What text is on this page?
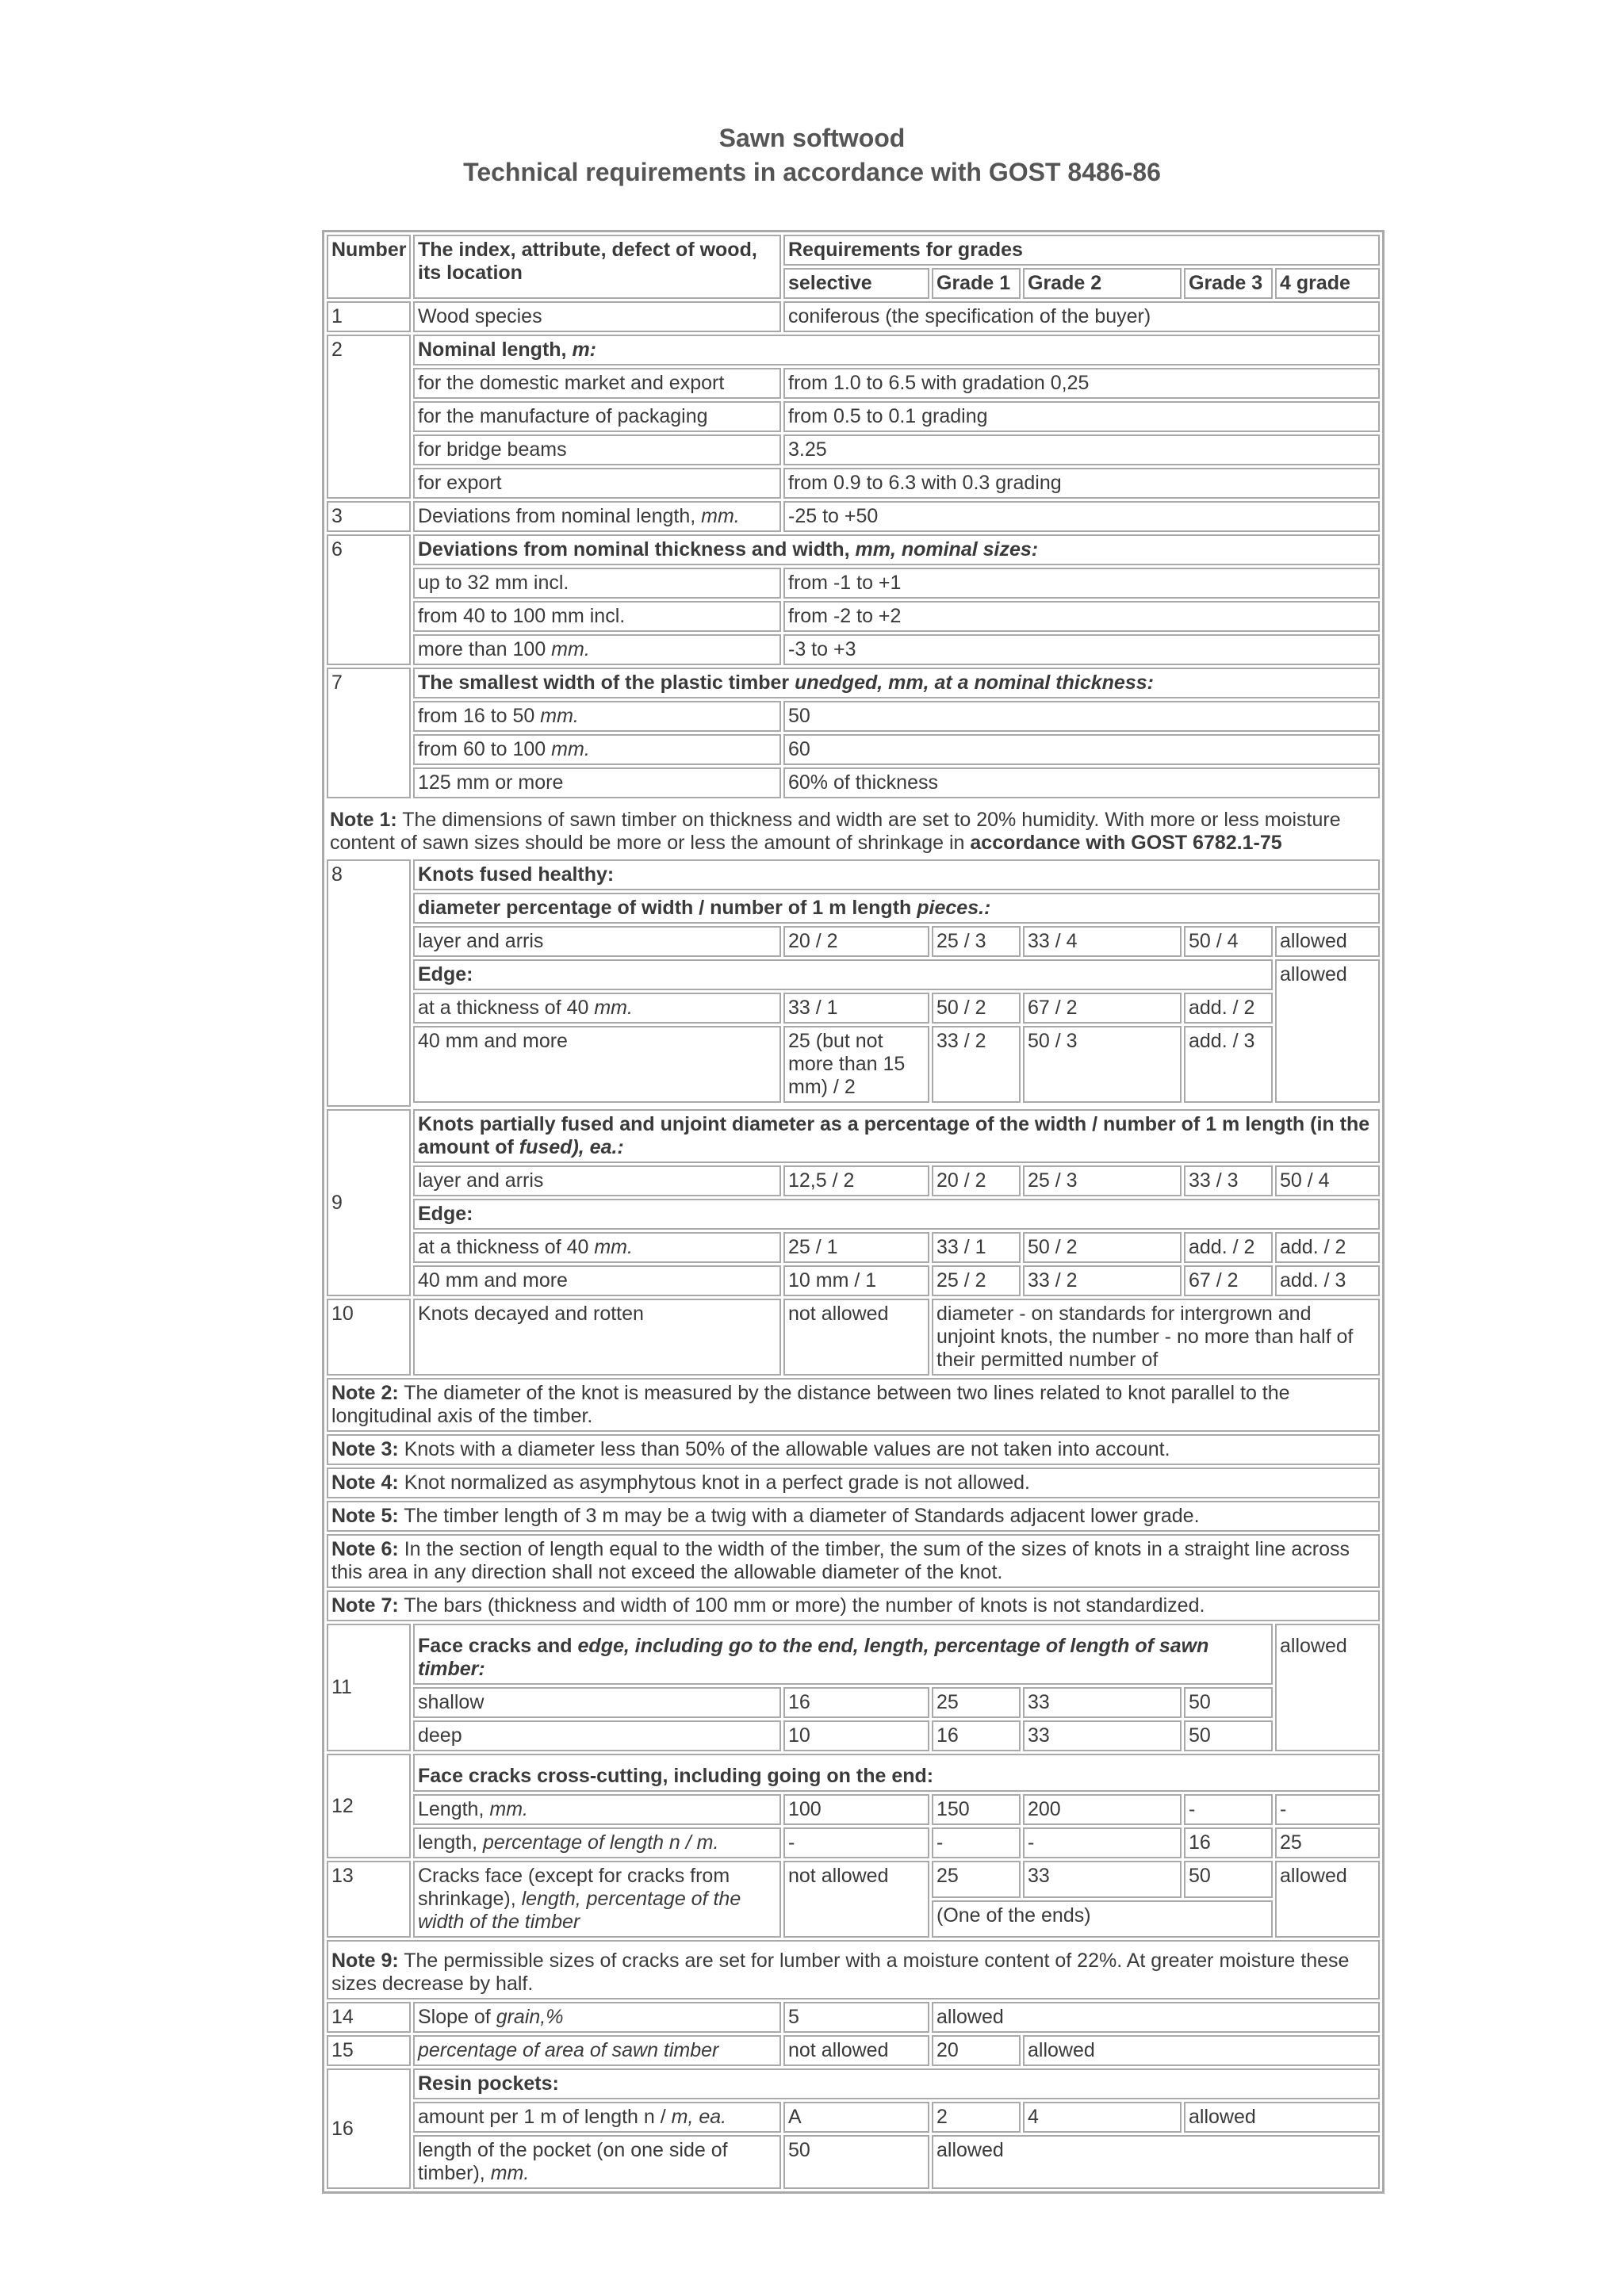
Sawn softwood
Technical requirements in accordance with GOST 8486-86
Number	The index, attribute, defect of wood, its location	Requirements for grades				
		selective	Grade 1	Grade 2	Grade 3	4 grade
1	Wood species	coniferous (the specification of the buyer)				
2	Nominal length, m:					
	for the domestic market and export	from 1.0 to 6.5 with gradation 0,25				
	for the manufacture of packaging	from 0.5 to 0.1 grading				
	for bridge beams	3.25				
	for export	from 0.9 to 6.3 with 0.3 grading				
3	Deviations from nominal length, mm.	-25 to +50				
6	Deviations from nominal thickness and width, mm, nominal sizes:					
	up to 32 mm incl.	from -1 to +1				
	from 40 to 100 mm incl.	from -2 to +2				
	more than 100 mm.	-3 to +3				
7	The smallest width of the plastic timber unedged, mm, at a nominal thickness:					
	from 16 to 50 mm.	50				
	from 60 to 100 mm.	60				
	125 mm or more	60% of thickness				
Note 1: The dimensions of sawn timber on thickness and width are set to 20% humidity. With more or less moisture content of sawn sizes should be more or less the amount of shrinkage in accordance with GOST 6782.1-75						
8	Knots fused healthy:					
	diameter percentage of width / number of 1 m length pieces.:					
	layer and arris	20 / 2	25 / 3	33 / 4	50 / 4	allowed
	Edge:					allowed
	at a thickness of 40 mm.	33 / 1	50 / 2	67 / 2	add. / 2	
	40 mm and more	25 (but not more than 15 mm) / 2	33 / 2	50 / 3	add. / 3	

9	Knots partially fused and unjoint diameter as a percentage of the width / number of 1 m length (in the amount of fused), ea.:					
	layer and arris	12,5 / 2	20 / 2	25 / 3	33 / 3	50 / 4
	Edge:					
	at a thickness of 40 mm.	25 / 1	33 / 1	50 / 2	add. / 2	add. / 2
	40 mm and more	10 mm / 1	25 / 2	33 / 2	67 / 2	add. / 3
10	Knots decayed and rotten	not allowed	diameter - on standards for intergrown and unjoint knots, the number - no more than half of their permitted number of			
Note 2: The diameter of the knot is measured by the distance between two lines related to knot parallel to the longitudinal axis of the timber.						
Note 3: Knots with a diameter less than 50% of the allowable values are not taken into account.						
Note 4: Knot normalized as asymphytous knot in a perfect grade is not allowed.						
Note 5: The timber length of 3 m may be a twig with a diameter of Standards adjacent lower grade.						
Note 6: In the section of length equal to the width of the timber, the sum of the sizes of knots in a straight line across this area in any direction shall not exceed the allowable diameter of the knot.						
Note 7: The bars (thickness and width of 100 mm or more) the number of knots is not standardized.						
11	Face cracks and edge, including go to the end, length, percentage of length of sawn timber:					allowed
	shallow	16	25	33	50	
	deep	10	16	33	50	
12	Face cracks cross-cutting, including going on the end:					
	Length, mm.	100	150	200	-	-
	length, percentage of length n / m.	-	-	-	16	25
13	Cracks face (except for cracks from shrinkage), length, percentage of the width of the timber	not allowed	25	33	50	allowed
			(One of the ends)			
Note 9: The permissible sizes of cracks are set for lumber with a moisture content of 22%. At greater moisture these sizes decrease by half.						
14	Slope of grain,%	5	allowed			
15	percentage of area of sawn timber	not allowed	20	allowed		
16	Resin pockets:					
	amount per 1 m of length n / m, ea.	A	2	4	allowed	
	length of the pocket (on one side of timber), mm.	50	allowed			
